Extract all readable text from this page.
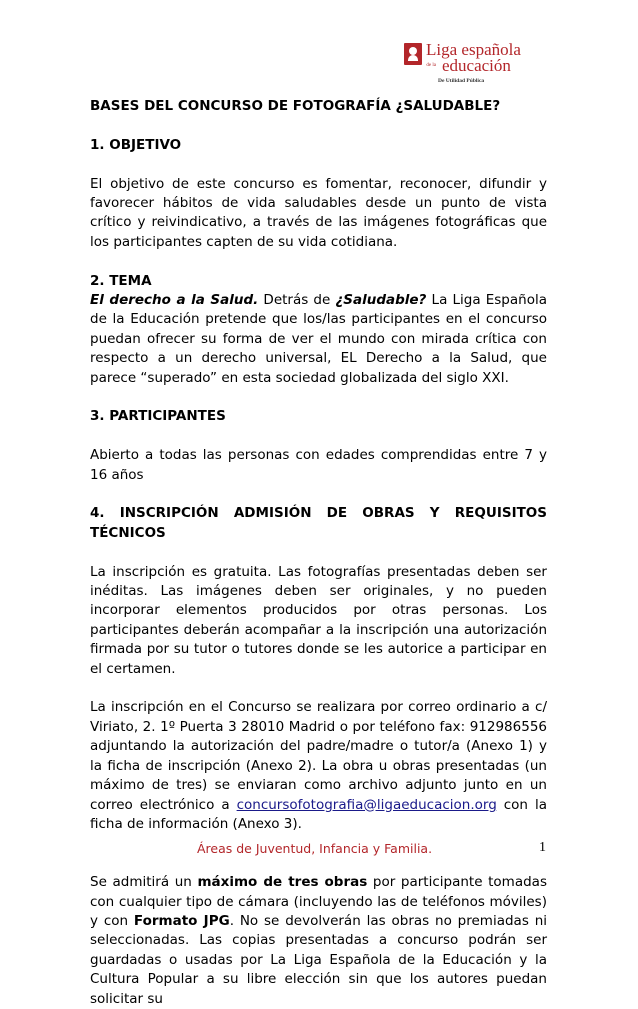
Liga española
de la educación
De Utilidad Pública
BASES DEL CONCURSO DE FOTOGRAFÍA ¿SALUDABLE?
1. OBJETIVO

El objetivo de este concurso es fomentar, reconocer, difundir y favorecer hábitos de vida saludables desde un punto de vista crítico y reivindicativo, a través de las imágenes fotográficas que los participantes capten de su vida cotidiana.

2. TEMA

El derecho a la Salud. Detrás de ¿Saludable? La Liga Española de la Educación pretende que los/las participantes en el concurso puedan ofrecer su forma de ver el mundo con mirada crítica con respecto a un derecho universal, EL Derecho a la Salud, que parece “superado” en esta sociedad globalizada del siglo XXI.

3. PARTICIPANTES

Abierto a todas las personas con edades comprendidas entre 7 y 16 años

4. INSCRIPCIÓN ADMISIÓN DE OBRAS Y REQUISITOS
TÉCNICOS

La inscripción es gratuita. Las fotografías presentadas deben ser inéditas. Las imágenes deben ser originales, y no pueden incorporar elementos producidos por otras personas. Los participantes deberán acompañar a la inscripción una autorización firmada por su tutor o tutores donde se les autorice a participar en el certamen.

La inscripción en el Concurso se realizara por correo ordinario a c/ Viriato, 2. 1º Puerta 3 28010 Madrid o por teléfono fax: 912986556 adjuntando la autorización del padre/madre o tutor/a (Anexo 1) y la ficha de inscripción (Anexo 2). La obra u obras presentadas (un máximo de tres) se enviaran como archivo adjunto junto en un correo electrónico a concursofotografia@ligaeducacion.org con la ficha de información (Anexo 3).

Se admitirá un máximo de tres obras por participante tomadas con cualquier tipo de cámara (incluyendo las de teléfonos móviles) y con Formato JPG. No se devolverán las obras no premiadas ni seleccionadas. Las copias presentadas a concurso podrán ser guardadas o usadas por La Liga Española de la Educación y la Cultura Popular a su libre elección sin que los autores puedan solicitar su

Áreas de Juventud, Infancia y Familia.	1
